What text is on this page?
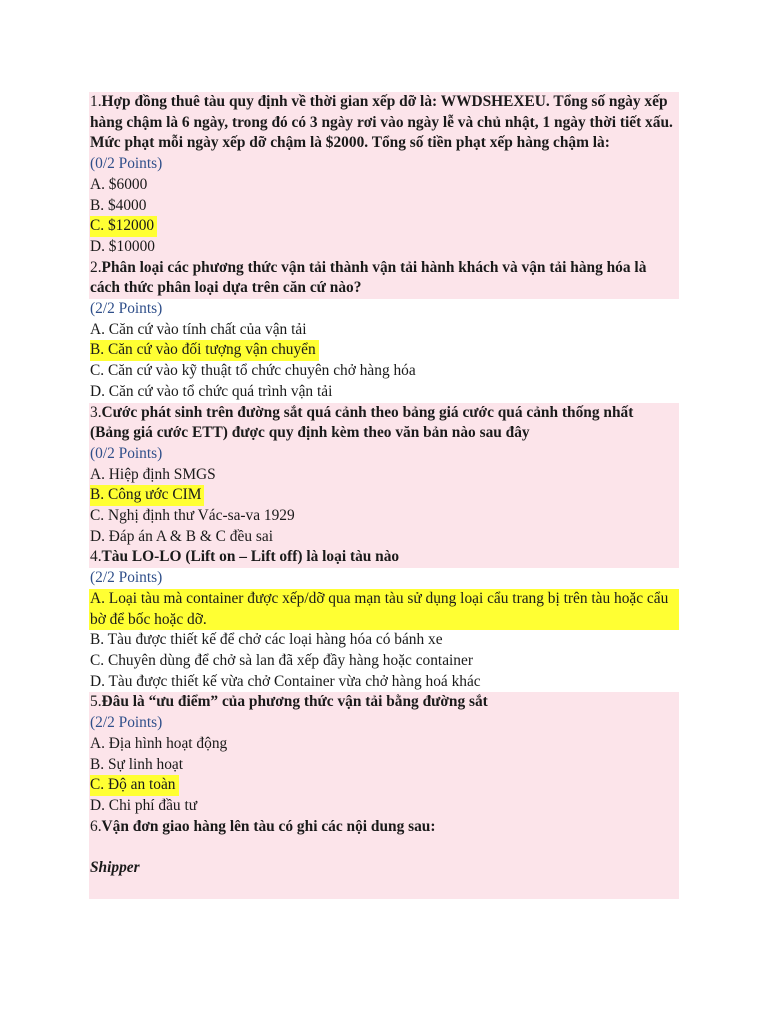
1.Hợp đồng thuê tàu quy định về thời gian xếp dỡ là: WWDSHEXEU. Tổng số ngày xếp hàng chậm là 6 ngày, trong đó có 3 ngày rơi vào ngày lễ và chủ nhật, 1 ngày thời tiết xấu. Mức phạt mỗi ngày xếp dỡ chậm là $2000. Tổng số tiền phạt xếp hàng chậm là:
(0/2 Points)
A. $6000
B. $4000
C. $12000
D. $10000
2.Phân loại các phương thức vận tải thành vận tải hành khách và vận tải hàng hóa là cách thức phân loại dựa trên căn cứ nào?
(2/2 Points)
A. Căn cứ vào tính chất của vận tải
B. Căn cứ vào đối tượng vận chuyển
C. Căn cứ vào kỹ thuật tổ chức chuyên chở hàng hóa
D. Căn cứ vào tổ chức quá trình vận tải
3.Cước phát sinh trên đường sắt quá cảnh theo bảng giá cước quá cảnh thống nhất (Bảng giá cước ETT) được quy định kèm theo văn bản nào sau đây
(0/2 Points)
A. Hiệp định SMGS
B. Công ước CIM
C. Nghị định thư Vác-sa-va 1929
D. Đáp án A & B & C đều sai
4.Tàu LO-LO (Lift on – Lift off) là loại tàu nào
(2/2 Points)
A. Loại tàu mà container được xếp/dỡ qua mạn tàu sử dụng loại cẩu trang bị trên tàu hoặc cẩu bờ để bốc hoặc dỡ.
B. Tàu được thiết kế để chở các loại hàng hóa có bánh xe
C. Chuyên dùng để chở sà lan đã xếp đầy hàng hoặc container
D. Tàu được thiết kế vừa chở Container vừa chở hàng hoá khác
5.Đâu là “ưu điểm” của phương thức vận tải bằng đường sắt
(2/2 Points)
A. Địa hình hoạt động
B. Sự linh hoạt
C. Độ an toàn
D. Chi phí đầu tư
6.Vận đơn giao hàng lên tàu có ghi các nội dung sau:
Shipper
